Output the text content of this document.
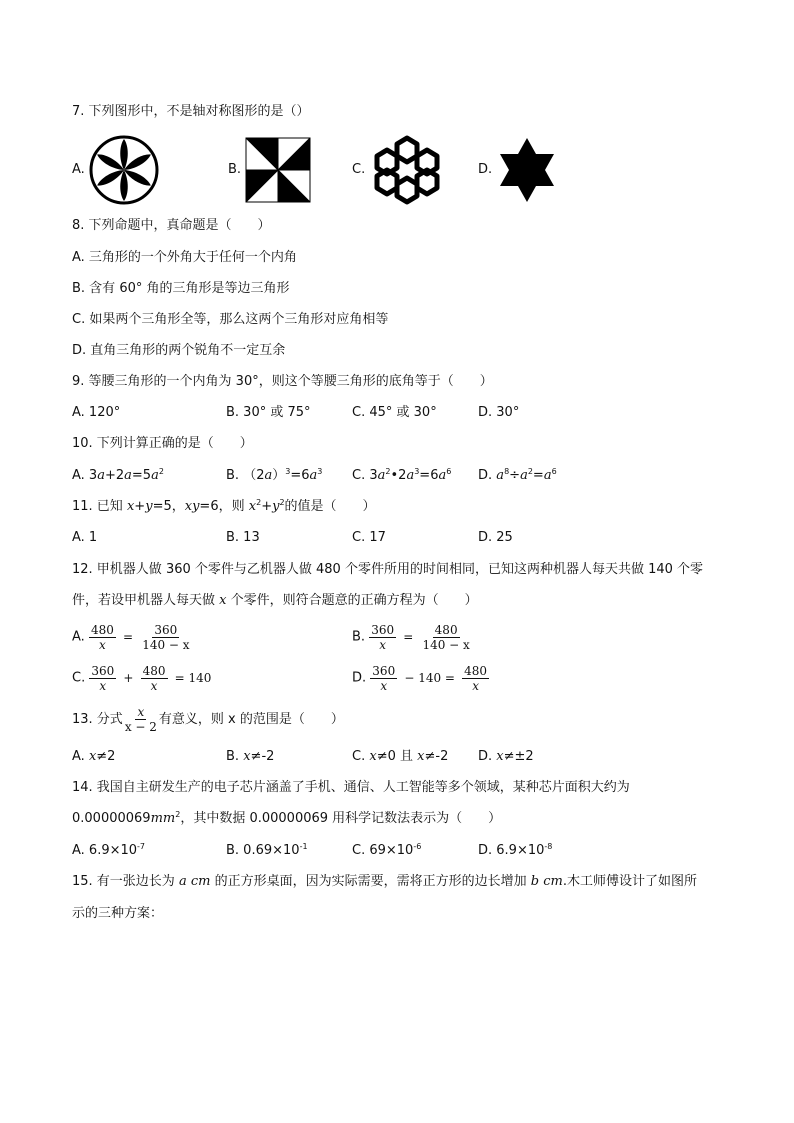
7. 下列图形中，不是轴对称图形的是（）
A.	B.	C.	D.
8. 下列命题中，真命题是（　　）
A. 三角形的一个外角大于任何一个内角
B. 含有 60° 角的三角形是等边三角形
C. 如果两个三角形全等，那么这两个三角形对应角相等
D. 直角三角形的两个锐角不一定互余
9. 等腰三角形的一个内角为 30°，则这个等腰三角形的底角等于（　　）
A. 120°	B. 30° 或 75°	C. 45° 或 30°	D. 30°
10. 下列计算正确的是（　　）
A. $3a+2a=5a^2$	B. $(2a)^3=6a^3$ C. $3a^2•2a^3=6a^6$ D. $a^8\div a^2=a^6$
11. 已知 x+y=5，xy=6，则 $x^2+y^2$的值是（　　）
A. 1	B. 13	C. 17	D. 25
12. 甲机器人做 360 个零件与乙机器人做 480 个零件所用的时间相同，已知这两种机器人每天共做 140 个零
件，若设甲机器人每天做 x 个零件，则符合题意的正确方程为（　　）
A. $\frac{480}{x} = \frac{360}{140 - x}$	B. $\frac{360}{x} = \frac{480}{140 - x}$
C. $\frac{360}{x} + \frac{480}{x} = 140$	D. $\frac{360}{x} - 140 = \frac{480}{x}$
13. 分式 $\frac{x}{x - 2}$ 有意义，则 x 的范围是（　　）
A. x≠2	B. x≠-2	C. x≠0 且 x≠-2 D. x≠±2
14. 我国自主研发生产的电子芯片涵盖了手机、通信、人工智能等多个领域，某种芯片面积大约为
$0.00000069mm^2$，其中数据 0.00000069 用科学记数法表示为（　　）
A. $6.9\times 10^{-7}$	B. $0.69\times 10^{-1}$	C. $69\times 10^{-6}$	D. $6.9\times 10^{-8}$
15. 有一张边长为 a cm 的正方形桌面，因为实际需要，需将正方形的边长增加 b cm.木工师傅设计了如图所
示的三种方案：
